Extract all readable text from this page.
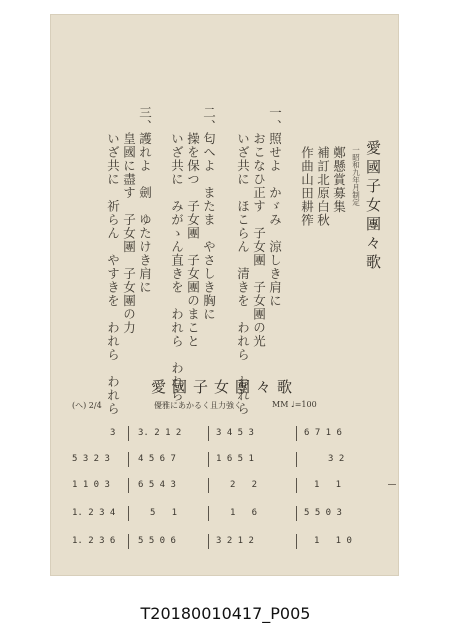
愛國子女團々歌
一昭和九年月制定
鄭懸賞募集
補訂北原白秋
作曲山田耕筰
一、
照せよ　かゞみ　涼しき肩に
おこなひ正す　子女團　子女團の光
いざ共に　ほこらん　清きを　われら　われら
二、
匂へよ　またま　やさしき胸に
操を保つ　子女團　子女團のまこと
いざ共に　みがゝん直きを　われら　われら
三、
護れよ　劍　ゆたけき肩に
皇國に盡す　子女團　子女團の力
いざ共に　祈らん　やすきを　われら　われら	愛國子女團々歌
(ヘ) 2/4	優雅にあかるく且力強く	MM ♩=100
3	3. 2 1 2	3 4 5 3	6 7 1 6
5 3 2 3	4 5 6 7	1 6 5 1	3 2
1 1 0 3	6 5 4 3	2   2	1   1
1. 2 3 4	5   1	1   6	5 5 0 3
1. 2 3 6	5 5 0 6	3 2 1 2	1   1 0
T20180010417_P005
